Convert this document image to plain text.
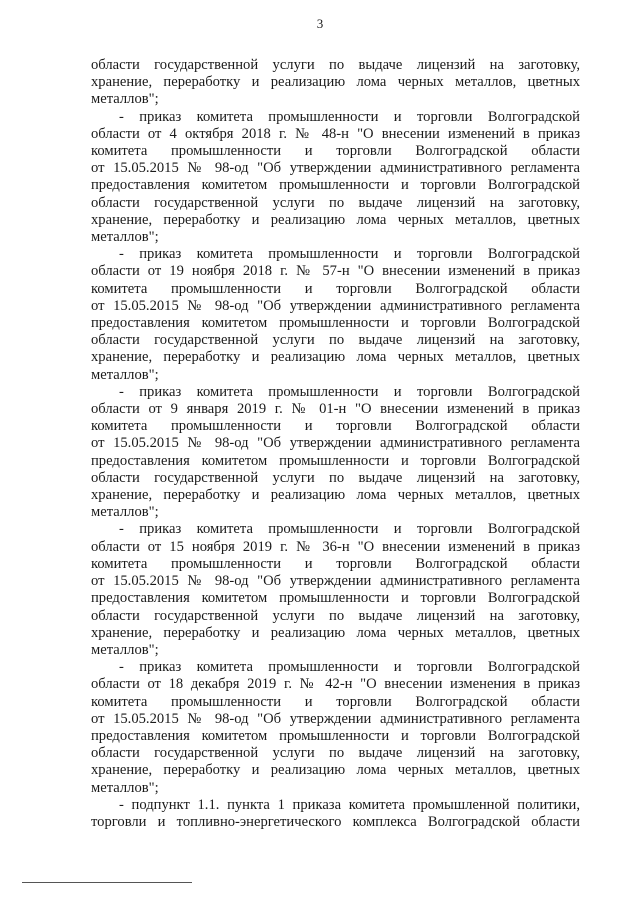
3
области государственной услуги по выдаче лицензий на заготовку,
хранение, переработку и реализацию лома черных металлов, цветных
металлов";
- приказ комитета промышленности и торговли Волгоградской
области от 4 октября 2018 г. № 48-н "О внесении изменений в приказ
комитета промышленности и торговли Волгоградской области
от 15.05.2015 № 98-од "Об утверждении административного регламента
предоставления комитетом промышленности и торговли Волгоградской
области государственной услуги по выдаче лицензий на заготовку,
хранение, переработку и реализацию лома черных металлов, цветных
металлов";
- приказ комитета промышленности и торговли Волгоградской
области от 19 ноября 2018 г. № 57-н "О внесении изменений в приказ
комитета промышленности и торговли Волгоградской области
от 15.05.2015 № 98-од "Об утверждении административного регламента
предоставления комитетом промышленности и торговли Волгоградской
области государственной услуги по выдаче лицензий на заготовку,
хранение, переработку и реализацию лома черных металлов, цветных
металлов";
- приказ комитета промышленности и торговли Волгоградской
области от 9 января 2019 г. № 01-н "О внесении изменений в приказ
комитета промышленности и торговли Волгоградской области
от 15.05.2015 № 98-од "Об утверждении административного регламента
предоставления комитетом промышленности и торговли Волгоградской
области государственной услуги по выдаче лицензий на заготовку,
хранение, переработку и реализацию лома черных металлов, цветных
металлов";
- приказ комитета промышленности и торговли Волгоградской
области от 15 ноября 2019 г. № 36-н "О внесении изменений в приказ
комитета промышленности и торговли Волгоградской области
от 15.05.2015 № 98-од "Об утверждении административного регламента
предоставления комитетом промышленности и торговли Волгоградской
области государственной услуги по выдаче лицензий на заготовку,
хранение, переработку и реализацию лома черных металлов, цветных
металлов";
- приказ комитета промышленности и торговли Волгоградской
области от 18 декабря 2019 г. № 42-н "О внесении изменения в приказ
комитета промышленности и торговли Волгоградской области
от 15.05.2015 № 98-од "Об утверждении административного регламента
предоставления комитетом промышленности и торговли Волгоградской
области государственной услуги по выдаче лицензий на заготовку,
хранение, переработку и реализацию лома черных металлов, цветных
металлов";
- подпункт 1.1. пункта 1 приказа комитета промышленной политики,
торговли и топливно-энергетического комплекса Волгоградской области
